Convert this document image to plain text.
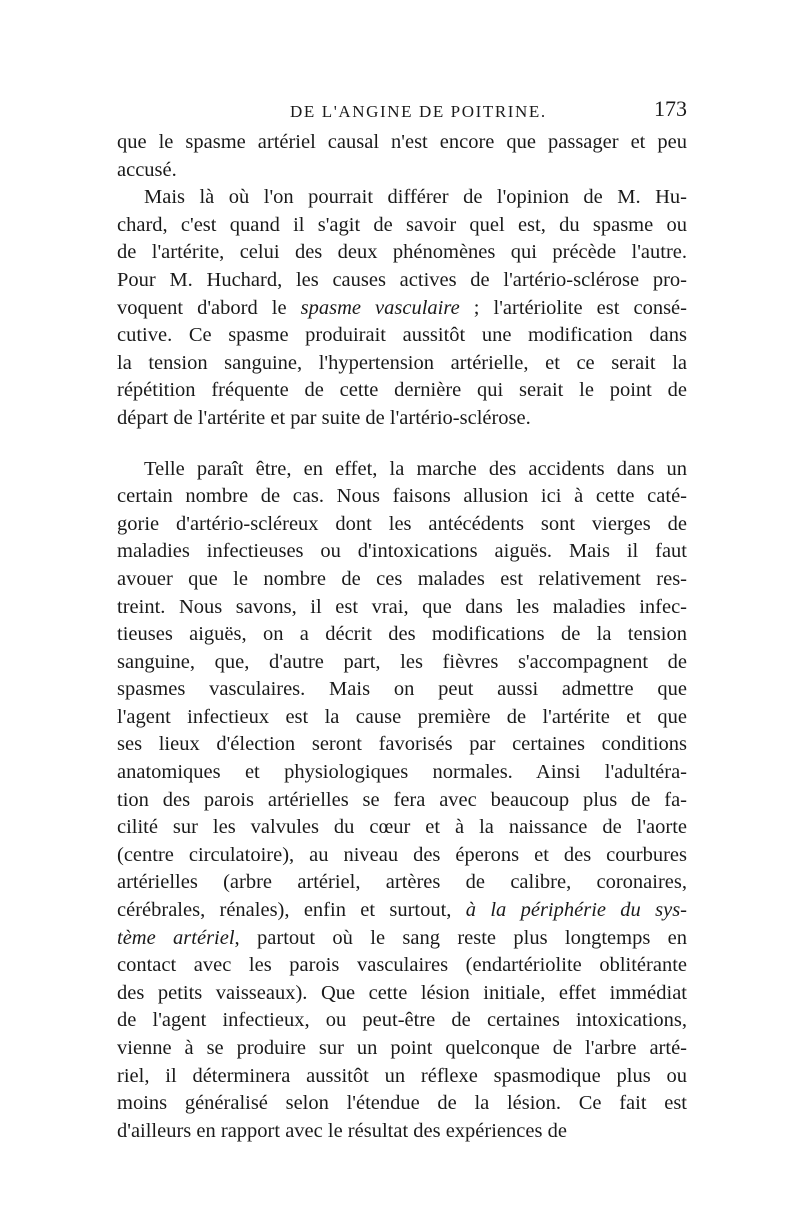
DE L'ANGINE DE POITRINE.	173
que le spasme artériel causal n'est encore que passager et peu
accusé.
Mais là où l'on pourrait différer de l'opinion de M. Hu-
chard, c'est quand il s'agit de savoir quel est, du spasme ou
de l'artérite, celui des deux phénomènes qui précède l'autre.
Pour M. Huchard, les causes actives de l'artério-sclérose pro-
voquent d'abord le spasme vasculaire ; l'artériolite est consé-
cutive. Ce spasme produirait aussitôt une modification dans
la tension sanguine, l'hypertension artérielle, et ce serait la
répétition fréquente de cette dernière qui serait le point de
départ de l'artérite et par suite de l'artério-sclérose.
Telle paraît être, en effet, la marche des accidents dans un
certain nombre de cas. Nous faisons allusion ici à cette caté-
gorie d'artério-scléreux dont les antécédents sont vierges de
maladies infectieuses ou d'intoxications aiguës. Mais il faut
avouer que le nombre de ces malades est relativement res-
treint. Nous savons, il est vrai, que dans les maladies infec-
tieuses aiguës, on a décrit des modifications de la tension
sanguine, que, d'autre part, les fièvres s'accompagnent de
spasmes vasculaires. Mais on peut aussi admettre que
l'agent infectieux est la cause première de l'artérite et que
ses lieux d'élection seront favorisés par certaines conditions
anatomiques et physiologiques normales. Ainsi l'adultéra-
tion des parois artérielles se fera avec beaucoup plus de fa-
cilité sur les valvules du cœur et à la naissance de l'aorte
(centre circulatoire), au niveau des éperons et des courbures
artérielles (arbre artériel, artères de calibre, coronaires,
cérébrales, rénales), enfin et surtout, à la périphérie du sys-
tème artériel, partout où le sang reste plus longtemps en
contact avec les parois vasculaires (endartériolite oblitérante
des petits vaisseaux). Que cette lésion initiale, effet immédiat
de l'agent infectieux, ou peut-être de certaines intoxications,
vienne à se produire sur un point quelconque de l'arbre arté-
riel, il déterminera aussitôt un réflexe spasmodique plus ou
moins généralisé selon l'étendue de la lésion. Ce fait est
d'ailleurs en rapport avec le résultat des expériences de
